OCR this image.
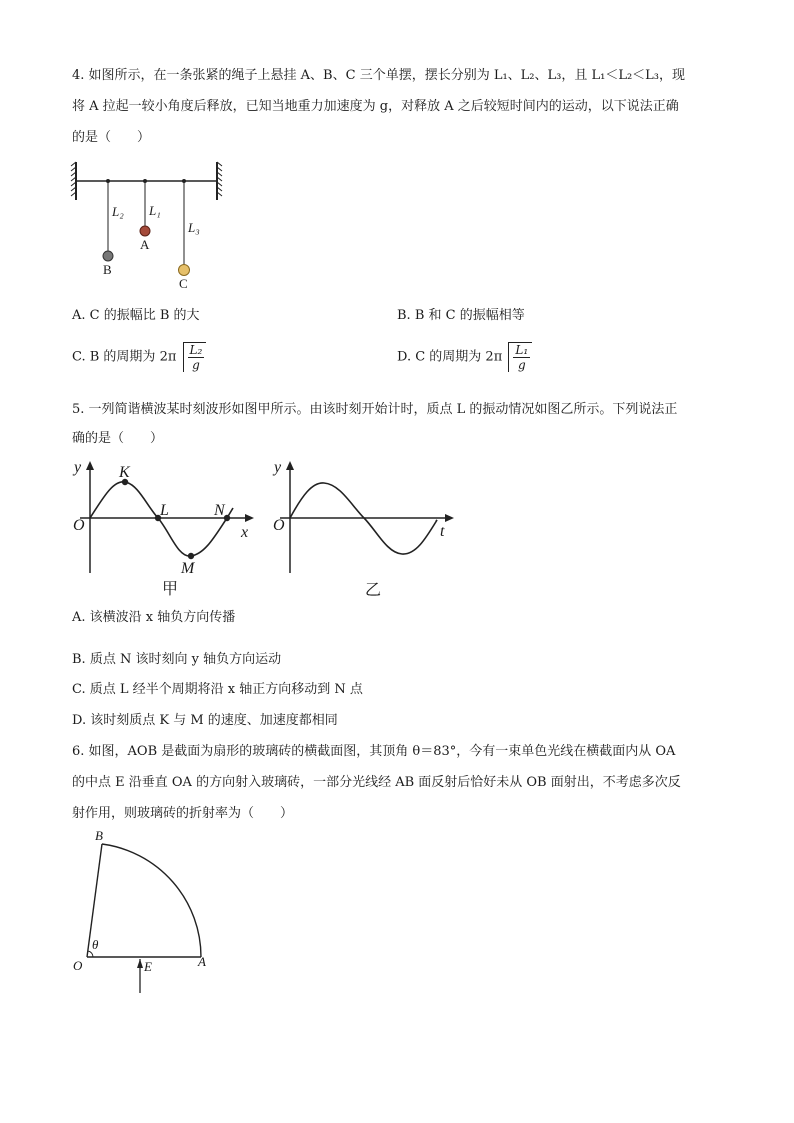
4. 如图所示，在一条张紧的绳子上悬挂 A、B、C 三个单摆，摆长分别为 L₁、L₂、L₃，且 L₁＜L₂＜L₃，现
将 A 拉起一较小角度后释放，已知当地重力加速度为 g，对释放 A 之后较短时间内的运动，以下说法正确
的是（　　）
L₂ L₁
L₃
A
B
C
A. C 的振幅比 B 的大	B. B 和 C 的振幅相等
C. B 的周期为 $2\pi \frac{\text{L₂}}{g}$	D. C 的周期为 $2\pi \frac{\text{L₁}}{g}$
5. 一列简谐横波某时刻波形如图甲所示。由该时刻开始计时，质点 L 的振动情况如图乙所示。下列说法正
确的是（　　）
y K
O
L	N
x
M
甲
y
O	t
乙
A. 该横波沿 x 轴负方向传播
B. 质点 N 该时刻向 y 轴负方向运动
C. 质点 L 经半个周期将沿 x 轴正方向移动到 N 点
D. 该时刻质点 K 与 M 的速度、加速度都相同
6. 如图，AOB 是截面为扇形的玻璃砖的横截面图，其顶角 θ＝83°，今有一束单色光线在横截面内从 OA
的中点 E 沿垂直 OA 的方向射入玻璃砖，一部分光线经 AB 面反射后恰好未从 OB 面射出，不考虑多次反
射作用，则玻璃砖的折射率为（　　）
B
θ
O	E	A
